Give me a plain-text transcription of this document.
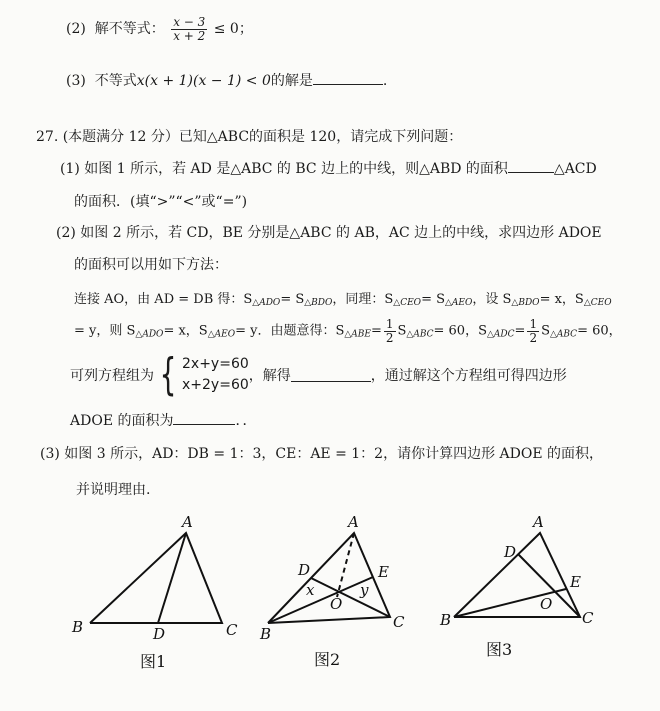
(2) 解不等式： $\frac{x - 3}{x + 2} \le 0$；
(3) 不等式x(x + 1)(x − 1) < 0的解是	.
27. (本题满分 12 分）已知△ABC的面积是 120，请完成下列问题：
(1) 如图 1 所示，若 AD 是△ABC 的 BC 边上的中线，则△ABD 的面积	△ACD
的面积．(填“>”“<”或“=”)
(2) 如图 2 所示，若 CD，BE 分别是△ABC 的 AB，AC 边上的中线，求四边形 ADOE
的面积可以用如下方法：
连接 AO，由 AD = DB 得：$S_{\triangle ADO}= S_{\triangle BDO}$，同理：$S_{\triangle CEO}= S_{\triangle AEO}$，设 $S_{\triangle BDO}= x$，$S_{\triangle CEO}$
= y，则 $S_{\triangle ADO}= x$，$S_{\triangle AEO}= y$．由题意得：$S_{\triangle ABE}= \frac{1}{2} S_{\triangle ABC}= 60$，$S_{\triangle ADC}= \frac{1}{2} S_{\triangle ABC}= 60$，
可列方程组为 { 2x+y=60
x+2y=60
，解得	，通过解这个方程组可得四边形
ADOE 的面积为	．．
(3) 如图 3 所示，AD：DB = 1：3，CE：AE = 1：2，请你计算四边形 ADOE 的面积，
并说明理由.
A
B	C
D
图1
A
B
C
D	E
O
x	y
图2
A
B	C
D
E
O
图3
